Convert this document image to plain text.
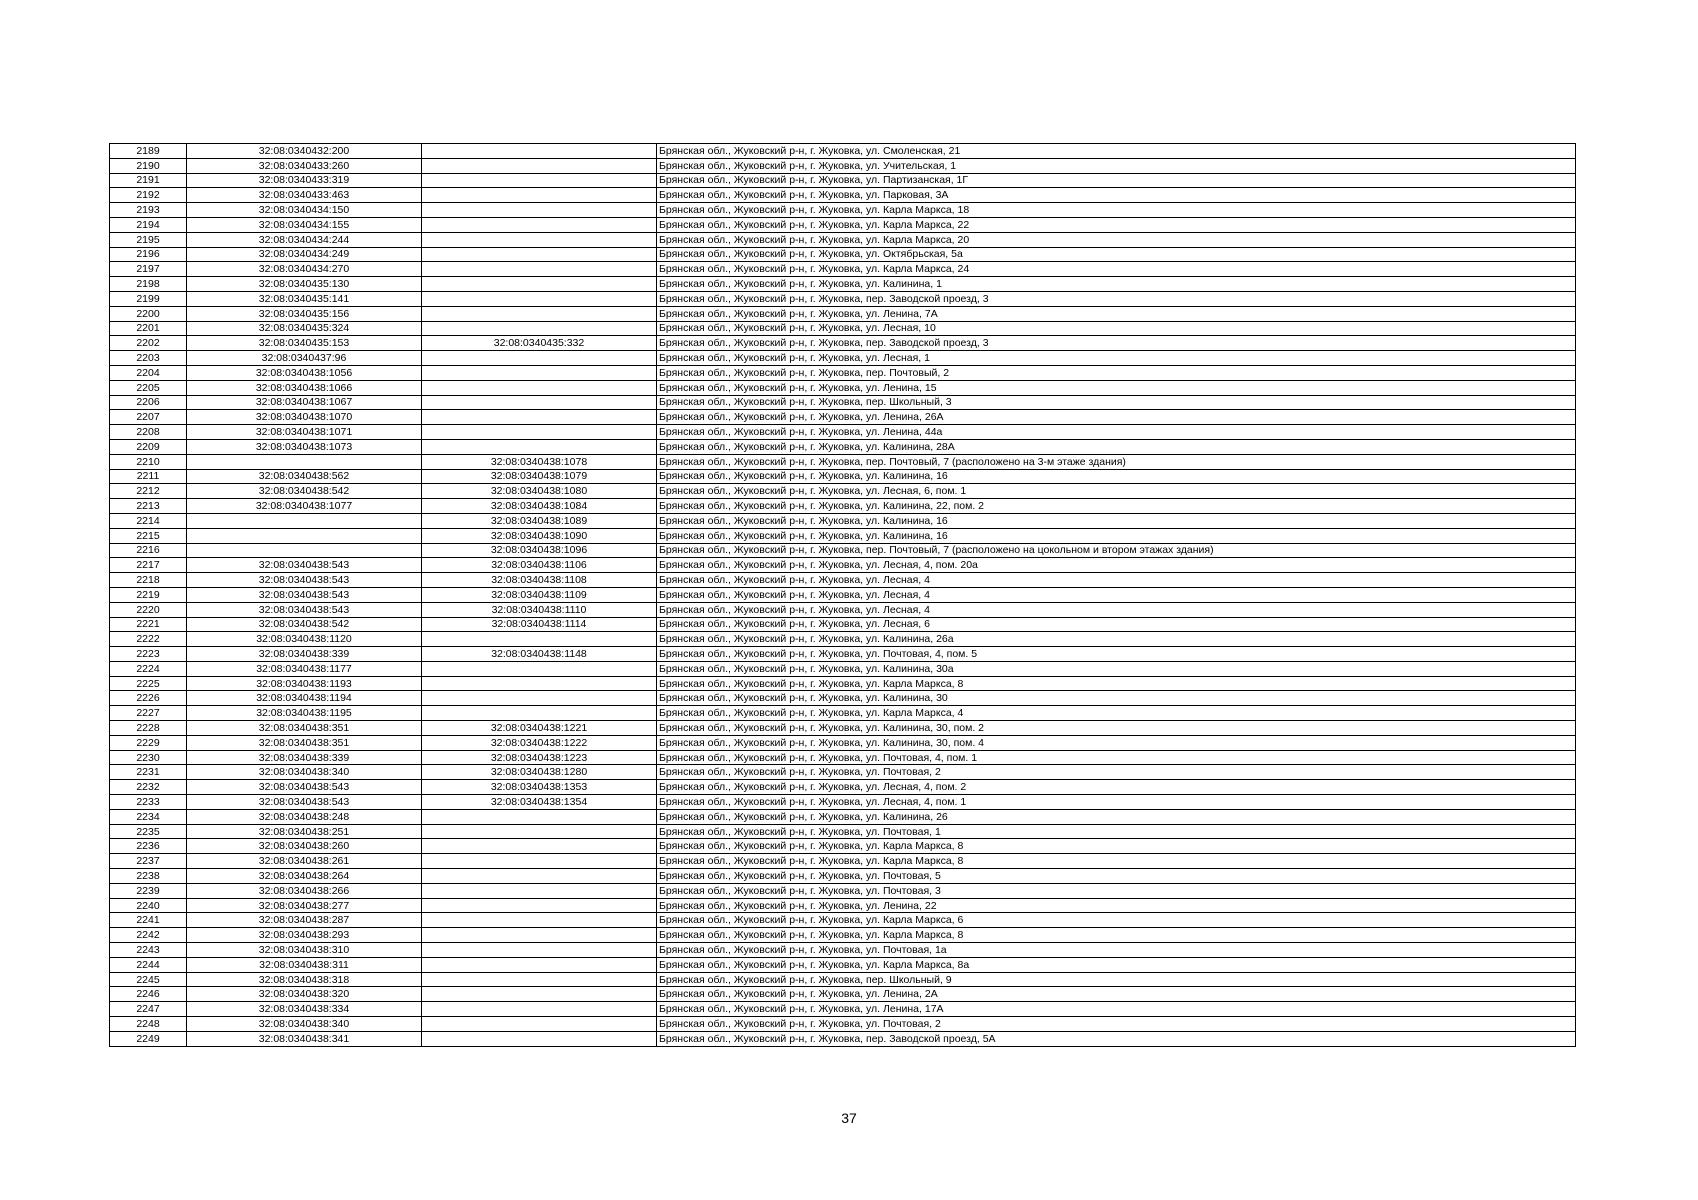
2189	32:08:0340432:200		Брянская обл., Жуковский р-н, г. Жуковка, ул. Смоленская, 21
2190	32:08:0340433:260		Брянская обл., Жуковский р-н, г. Жуковка, ул. Учительская, 1
2191	32:08:0340433:319		Брянская обл., Жуковский р-н, г. Жуковка, ул. Партизанская, 1Г
2192	32:08:0340433:463		Брянская обл., Жуковский р-н, г. Жуковка, ул. Парковая, 3А
2193	32:08:0340434:150		Брянская обл., Жуковский р-н, г. Жуковка, ул. Карла Маркса, 18
2194	32:08:0340434:155		Брянская обл., Жуковский р-н, г. Жуковка, ул. Карла Маркса, 22
2195	32:08:0340434:244		Брянская обл., Жуковский р-н, г. Жуковка, ул. Карла Маркса, 20
2196	32:08:0340434:249		Брянская обл., Жуковский р-н, г. Жуковка, ул. Октябрьская, 5а
2197	32:08:0340434:270		Брянская обл., Жуковский р-н, г. Жуковка, ул. Карла Маркса, 24
2198	32:08:0340435:130		Брянская обл., Жуковский р-н, г. Жуковка, ул. Калинина, 1
2199	32:08:0340435:141		Брянская обл., Жуковский р-н, г. Жуковка, пер. Заводской проезд, 3
2200	32:08:0340435:156		Брянская обл., Жуковский р-н, г. Жуковка, ул. Ленина, 7А
2201	32:08:0340435:324		Брянская обл., Жуковский р-н, г. Жуковка, ул. Лесная, 10
2202	32:08:0340435:153	32:08:0340435:332	Брянская обл., Жуковский р-н, г. Жуковка, пер. Заводской проезд, 3
2203	32:08:0340437:96		Брянская обл., Жуковский р-н, г. Жуковка, ул. Лесная, 1
2204	32:08:0340438:1056		Брянская обл., Жуковский р-н, г. Жуковка, пер. Почтовый, 2
2205	32:08:0340438:1066		Брянская обл., Жуковский р-н, г. Жуковка, ул. Ленина, 15
2206	32:08:0340438:1067		Брянская обл., Жуковский р-н, г. Жуковка, пер. Школьный, 3
2207	32:08:0340438:1070		Брянская обл., Жуковский р-н, г. Жуковка, ул. Ленина, 26А
2208	32:08:0340438:1071		Брянская обл., Жуковский р-н, г. Жуковка, ул. Ленина, 44а
2209	32:08:0340438:1073		Брянская обл., Жуковский р-н, г. Жуковка, ул. Калинина, 28А
2210		32:08:0340438:1078	Брянская обл., Жуковский р-н, г. Жуковка, пер. Почтовый, 7 (расположено на 3-м этаже здания)
2211	32:08:0340438:562	32:08:0340438:1079	Брянская обл., Жуковский р-н, г. Жуковка, ул. Калинина, 16
2212	32:08:0340438:542	32:08:0340438:1080	Брянская обл., Жуковский р-н, г. Жуковка, ул. Лесная, 6, пом. 1
2213	32:08:0340438:1077	32:08:0340438:1084	Брянская обл., Жуковский р-н, г. Жуковка, ул. Калинина, 22, пом. 2
2214		32:08:0340438:1089	Брянская обл., Жуковский р-н, г. Жуковка, ул. Калинина, 16
2215		32:08:0340438:1090	Брянская обл., Жуковский р-н, г. Жуковка, ул. Калинина, 16
2216		32:08:0340438:1096	Брянская обл., Жуковский р-н, г. Жуковка, пер. Почтовый, 7 (расположено на цокольном и втором этажах здания)
2217	32:08:0340438:543	32:08:0340438:1106	Брянская обл., Жуковский р-н, г. Жуковка, ул. Лесная, 4, пом. 20а
2218	32:08:0340438:543	32:08:0340438:1108	Брянская обл., Жуковский р-н, г. Жуковка, ул. Лесная, 4
2219	32:08:0340438:543	32:08:0340438:1109	Брянская обл., Жуковский р-н, г. Жуковка, ул. Лесная, 4
2220	32:08:0340438:543	32:08:0340438:1110	Брянская обл., Жуковский р-н, г. Жуковка, ул. Лесная, 4
2221	32:08:0340438:542	32:08:0340438:1114	Брянская обл., Жуковский р-н, г. Жуковка, ул. Лесная, 6
2222	32:08:0340438:1120		Брянская обл., Жуковский р-н, г. Жуковка, ул. Калинина, 26а
2223	32:08:0340438:339	32:08:0340438:1148	Брянская обл., Жуковский р-н, г. Жуковка, ул. Почтовая, 4, пом. 5
2224	32:08:0340438:1177		Брянская обл., Жуковский р-н, г. Жуковка, ул. Калинина, 30а
2225	32:08:0340438:1193		Брянская обл., Жуковский р-н, г. Жуковка, ул. Карла Маркса, 8
2226	32:08:0340438:1194		Брянская обл., Жуковский р-н, г. Жуковка, ул. Калинина, 30
2227	32:08:0340438:1195		Брянская обл., Жуковский р-н, г. Жуковка, ул. Карла Маркса, 4
2228	32:08:0340438:351	32:08:0340438:1221	Брянская обл., Жуковский р-н, г. Жуковка, ул. Калинина, 30, пом. 2
2229	32:08:0340438:351	32:08:0340438:1222	Брянская обл., Жуковский р-н, г. Жуковка, ул. Калинина, 30, пом. 4
2230	32:08:0340438:339	32:08:0340438:1223	Брянская обл., Жуковский р-н, г. Жуковка, ул. Почтовая, 4, пом. 1
2231	32:08:0340438:340	32:08:0340438:1280	Брянская обл., Жуковский р-н, г. Жуковка, ул. Почтовая, 2
2232	32:08:0340438:543	32:08:0340438:1353	Брянская обл., Жуковский р-н, г. Жуковка, ул. Лесная, 4, пом. 2
2233	32:08:0340438:543	32:08:0340438:1354	Брянская обл., Жуковский р-н, г. Жуковка, ул. Лесная, 4, пом. 1
2234	32:08:0340438:248		Брянская обл., Жуковский р-н, г. Жуковка, ул. Калинина, 26
2235	32:08:0340438:251		Брянская обл., Жуковский р-н, г. Жуковка, ул. Почтовая, 1
2236	32:08:0340438:260		Брянская обл., Жуковский р-н, г. Жуковка, ул. Карла Маркса, 8
2237	32:08:0340438:261		Брянская обл., Жуковский р-н, г. Жуковка, ул. Карла Маркса, 8
2238	32:08:0340438:264		Брянская обл., Жуковский р-н, г. Жуковка, ул. Почтовая, 5
2239	32:08:0340438:266		Брянская обл., Жуковский р-н, г. Жуковка, ул. Почтовая, 3
2240	32:08:0340438:277		Брянская обл., Жуковский р-н, г. Жуковка, ул. Ленина, 22
2241	32:08:0340438:287		Брянская обл., Жуковский р-н, г. Жуковка, ул. Карла Маркса, 6
2242	32:08:0340438:293		Брянская обл., Жуковский р-н, г. Жуковка, ул. Карла Маркса, 8
2243	32:08:0340438:310		Брянская обл., Жуковский р-н, г. Жуковка, ул. Почтовая, 1а
2244	32:08:0340438:311		Брянская обл., Жуковский р-н, г. Жуковка, ул. Карла Маркса, 8а
2245	32:08:0340438:318		Брянская обл., Жуковский р-н, г. Жуковка, пер. Школьный, 9
2246	32:08:0340438:320		Брянская обл., Жуковский р-н, г. Жуковка, ул. Ленина, 2А
2247	32:08:0340438:334		Брянская обл., Жуковский р-н, г. Жуковка, ул. Ленина, 17А
2248	32:08:0340438:340		Брянская обл., Жуковский р-н, г. Жуковка, ул. Почтовая, 2
2249	32:08:0340438:341		Брянская обл., Жуковский р-н, г. Жуковка, пер. Заводской проезд, 5А
37
